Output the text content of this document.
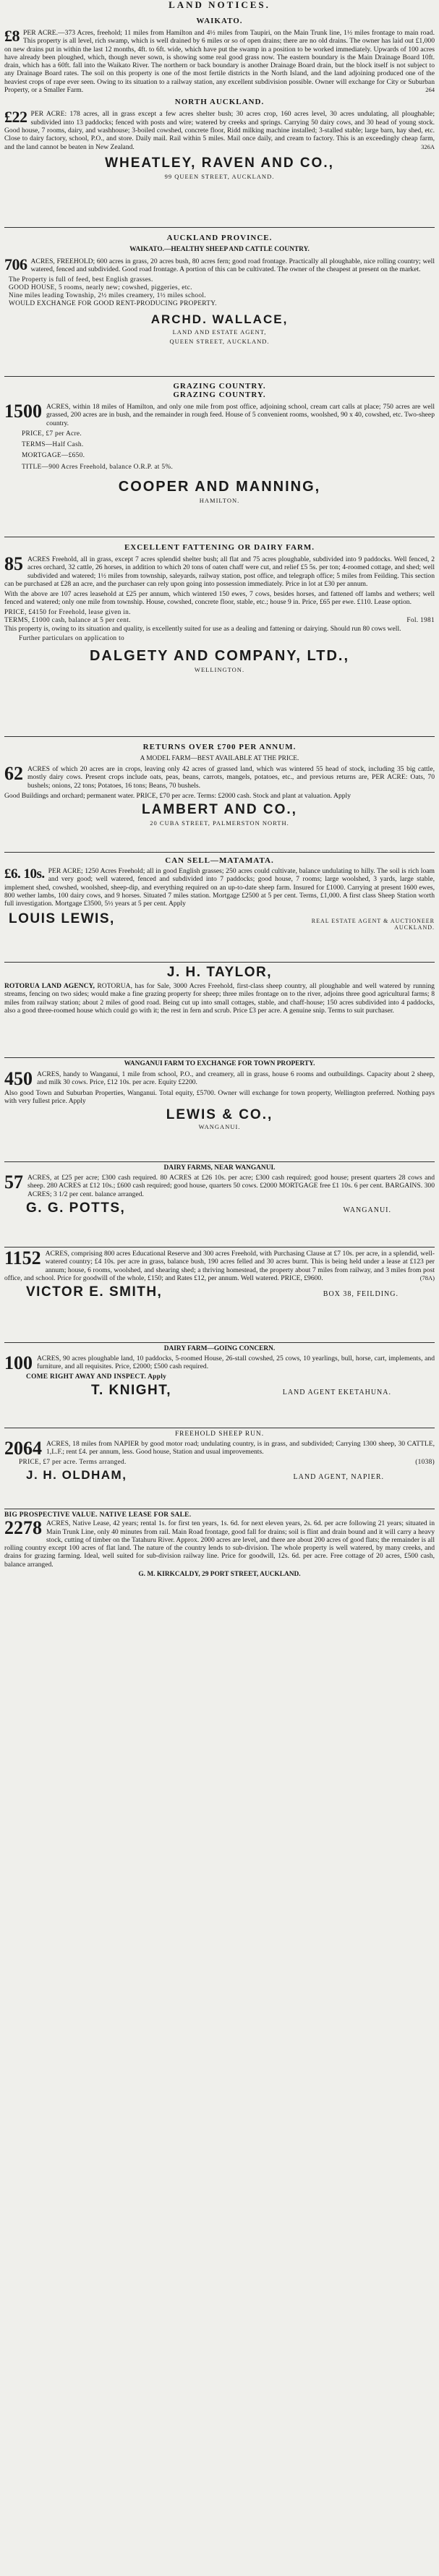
LAND NOTICES.
WAIKATO.
£8 PER ACRE.—373 Acres, freehold; 11 miles from Hamilton and 4½ miles from Taupiri, on the Main Trunk line, 1½ miles frontage to main road. This property is all level, rich swamp, which is well drained by 6 miles or so of open drains; there are no old drains. The owner has laid out £1,000 on new drains put in within the last 12 months, 4ft. to 6ft. wide, which have put the swamp in a position to be worked immediately. Upwards of 100 acres have already been ploughed, which, though never sown, is showing some real good grass now. The eastern boundary is the Main Drainage Board 10ft. drain, which has a 60ft. fall into the Waikato River. The northern or back boundary is another Drainage Board drain, but the block itself is not subject to any Drainage Board rates. The soil on this property is one of the most fertile districts in the North Island, and the land adjoining produced one of the heaviest crops of rape ever seen. Owing to its situation to a railway station, any excellent subdivision possible. Owner will exchange for City or Suburban Property, or a Smaller Farm.	264
NORTH AUCKLAND.
£22 PER ACRE: 178 acres, all in grass except a few acres shelter bush; 30 acres crop, 160 acres level, 30 acres undulating, all ploughable; subdivided into 13 paddocks; fenced with posts and wire; watered by creeks and springs. Carrying 50 dairy cows, and 30 head of young stock. Good house, 7 rooms, dairy, and washhouse; 3-boiled cowshed, concrete floor, Ridd milking machine installed; 3-stalled stable; large barn, hay shed, etc. Close to dairy factory, school, P.O., and store. Daily mail. Rail within 5 miles. Mail once daily, and cream to factory. This is an exceedingly cheap farm, and the land cannot be beaten in New Zealand.	326A
WHEATLEY, RAVEN AND CO.,
99 QUEEN STREET, AUCKLAND.
AUCKLAND PROVINCE.
WAIKATO.—HEALTHY SHEEP AND CATTLE COUNTRY.
706 ACRES, FREEHOLD; 600 acres in grass, 20 acres bush, 80 acres fern; good road frontage. Practically all ploughable, nice rolling country; well watered, fenced and subdivided. Good road frontage. A portion of this can be cultivated. The owner of the cheapest at present on the market.
The Property is full of feed, best English grasses.
GOOD HOUSE, 5 rooms, nearly new; cowshed, piggeries, etc.
Nine miles leading Township, 2½ miles creamery, 1½ miles school.
WOULD EXCHANGE FOR GOOD RENT-PRODUCING PROPERTY.
ARCHD. WALLACE,
LAND AND ESTATE AGENT,
QUEEN STREET, AUCKLAND.
GRAZING COUNTRY.
GRAZING COUNTRY.
1500 ACRES, within 18 miles of Hamilton, and only one mile from post office, adjoining school, cream cart calls at place; 750 acres are well grassed, 200 acres are in bush, and the remainder in rough feed. House of 5 convenient rooms, woolshed, 90 x 40, cowshed, etc. Two-sheep country.
PRICE, £7 per Acre.
TERMS—Half Cash.
MORTGAGE—£650.
TITLE—900 Acres Freehold, balance O.R.P. at 5%.
COOPER AND MANNING,
HAMILTON.
EXCELLENT FATTENING OR DAIRY FARM.
85 ACRES Freehold, all in grass, except 7 acres splendid shelter bush; all flat and 75 acres ploughable, subdivided into 9 paddocks. Well fenced, 2 acres orchard, 32 cattle, 26 horses, in addition to which 20 tons of oaten chaff were cut, and relief £5 5s. per ton; 4-roomed cottage, and shed; well subdivided and watered; 1½ miles from township, saleyards, railway station, post office, and telegraph office; 5 miles from Feilding. This section can be purchased at £28 an acre, and the purchaser can rely upon going into possession immediately. Price in lot at £30 per annum.
With the above are 107 acres leasehold at £25 per annum, which wintered 150 ewes, 7 cows, besides horses, and fattened off lambs and wethers; well fenced and watered; only one mile from township. House, cowshed, concrete floor, stable, etc.; house 9 in. Price, £65 per ewe. £110. Lease option.
PRICE, £4150 for Freehold, lease given in.
TERMS, £1000 cash, balance at 5 per cent.	Fol. 1981
This property is, owing to its situation and quality, is excellently suited for use as a dealing and fattening or dairying. Should run 80 cows well.
Further particulars on application to
DALGETY AND COMPANY, LTD.,
WELLINGTON.
RETURNS OVER £700 PER ANNUM.
A MODEL FARM—BEST AVAILABLE AT THE PRICE.
62 ACRES of which 20 acres are in crops, leaving only 42 acres of grassed land, which was wintered 55 head of stock, including 35 big cattle, mostly dairy cows. Present crops include oats, peas, beans, carrots, mangels, potatoes, etc., and previous returns are, PER ACRE: Oats, 70 bushels; onions, 22 tons; Potatoes, 16 tons; Beans, 70 bushels.
Good Buildings and orchard; permanent water. PRICE, £70 per acre. Terms: £2000 cash. Stock and plant at valuation. Apply
LAMBERT AND CO.,
20 CUBA STREET, PALMERSTON NORTH.
CAN SELL—MATAMATA.
£6. 10s. PER ACRE; 1250 Acres Freehold; all in good English grasses; 250 acres could cultivate, balance undulating to hilly. The soil is rich loam and very good; well watered, fenced and subdivided into 7 paddocks; good house, 7 rooms; large woolshed, 3 yards, large stable, implement shed, cowshed, woolshed, sheep-dip, and everything required on an up-to-date sheep farm. Insured for £1000. Carrying at present 1600 ewes, 800 wether lambs, 100 dairy cows, and 9 horses. Situated 7 miles station. Mortgage £2500 at 5 per cent. Terms, £1,000. A first class Sheep Station worth full investigation. Mortgage £3500, 5½ years at 5 per cent. Apply
LOUIS LEWIS,	REAL ESTATE AGENT & AUCTIONEER AUCKLAND.
J. H. TAYLOR,
ROTORUA LAND AGENCY, ROTORUA, has for Sale, 3000 Acres Freehold, first-class sheep country, all ploughable and well watered by running streams, fencing on two sides; would make a fine grazing property for sheep; three miles frontage on to the river, adjoins three good agricultural farms; 8 miles from railway station; about 2 miles of good road. Being cut up into small cottages, stable, and chaff-house; 150 acres subdivided into 4 paddocks, also a good three-roomed house which could go with it; the rest in fern and scrub. Price £3 per acre. A genuine snip. Terms to suit purchaser.
WANGANUI FARM TO EXCHANGE FOR TOWN PROPERTY.
450 ACRES, handy to Wanganui, 1 mile from school, P.O., and creamery, all in grass, house 6 rooms and outbuildings. Capacity about 2 sheep, and milk 30 cows. Price, £12 10s. per acre. Equity £2200.
Also good Town and Suburban Properties, Wanganui. Total equity, £5700. Owner will exchange for town property, Wellington preferred. Nothing pays with very fullest price. Apply
LEWIS & CO.,
WANGANUI.
DAIRY FARMS, NEAR WANGANUI.
57 ACRES, at £25 per acre; £300 cash required. 80 ACRES at £26 10s. per acre; £300 cash required; good house; present quarters 28 cows and sheep. 280 ACRES at £12 10s.; £600 cash required; good house, quarters 50 cows. £2000 MORTGAGE free £1 10s. 6 per cent. BARGAINS. 300 ACRES; 3 1/2 per cent. balance arranged.
G. G. POTTS,	WANGANUI.
1152 ACRES, comprising 800 acres Educational Reserve and 300 acres Freehold, with Purchasing Clause at £7 10s. per acre, in a splendid, well-watered country; £4 10s. per acre in grass, balance bush, 190 acres felled and 30 acres burnt. This is being held under a lease at £123 per annum; house, 6 rooms, woolshed, and shearing shed; a thriving homestead, the property about 7 miles from railway, and 3 miles from post office, and school. Price for goodwill of the whole, £150; and Rates £12, per annum. Well watered. PRICE, £9600.	(78A)
VICTOR E. SMITH,	BOX 38, FEILDING.
DAIRY FARM—GOING CONCERN.
100 ACRES, 90 acres ploughable land, 10 paddocks, 5-roomed House, 26-stall cowshed, 25 cows, 10 yearlings, bull, horse, cart, implements, and furniture, and all requisites. Price, £2000; £500 cash required.
COME RIGHT AWAY AND INSPECT. Apply
T. KNIGHT,	LAND AGENT EKETAHUNA.
FREEHOLD SHEEP RUN.
2064 ACRES, 18 miles from NAPIER by good motor road; undulating country, is in grass, and subdivided; Carrying 1300 sheep, 30 CATTLE, 1,L.F.; rent £4. per annum, less. Good house, Station and usual improvements.
PRICE, £7 per acre. Terms arranged.	(1038)
J. H. OLDHAM,	LAND AGENT, NAPIER.
BIG PROSPECTIVE VALUE. NATIVE LEASE FOR SALE.
2278 ACRES, Native Lease, 42 years; rental 1s. for first ten years, 1s. 6d. for next eleven years, 2s. 6d. per acre following 21 years; situated in Main Trunk Line, only 40 minutes from rail. Main Road frontage, good fall for drains; soil is flint and drain bound and it will carry a heavy stock, cutting of timber on the Tatahuru River. Approx. 2000 acres are level, and there are about 200 acres of good flats; the remainder is all rolling country except 100 acres of flat land. The nature of the country lends to sub-division. The whole property is well watered, by many creeks, and drains for grazing farming. Ideal, well suited for sub-division railway line. Price for goodwill, 12s. 6d. per acre. Free cottage of 20 acres, £500 cash, balance arranged.
G. M. KIRKCALDY, 29 PORT STREET, AUCKLAND.
